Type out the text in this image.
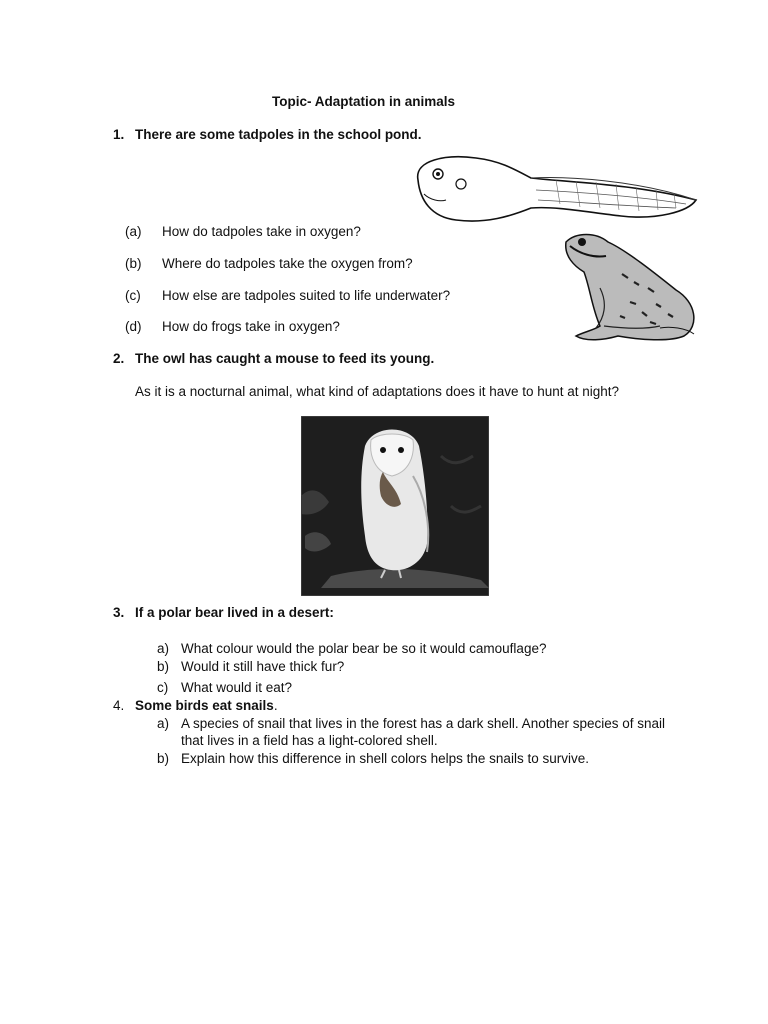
Topic- Adaptation in animals
1. There are some tadpoles in the school pond.
(a) How do tadpoles take in oxygen?
(b) Where do tadpoles take the oxygen from?
(c) How else are tadpoles suited to life underwater?
(d) How do frogs take in oxygen?
2. The owl has caught a mouse to feed its young.
As it is a nocturnal animal, what kind of adaptations does it have to hunt at night?
3. If a polar bear lived in a desert:
a) What colour would the polar bear be so it would camouflage?
b) Would it still have thick fur?
c) What would it eat?
4. Some birds eat snails.
a) A species of snail that lives in the forest has a dark shell. Another species of snail
that lives in a field has a light-colored shell.
b) Explain how this difference in shell colors helps the snails to survive.
